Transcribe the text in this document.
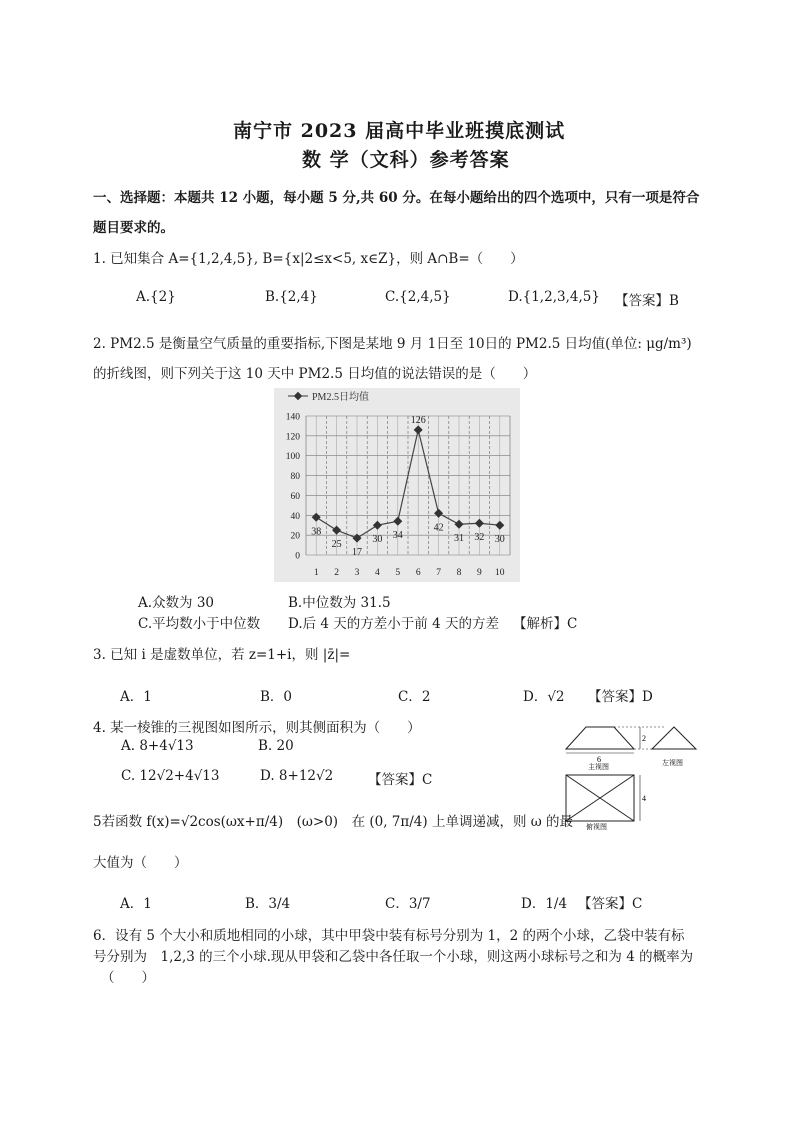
南宁市 2023 届高中毕业班摸底测试
数 学（文科）参考答案
一、选择题：本题共 12 小题，每小题 5 分,共 60 分。在每小题给出的四个选项中，只有一项是符合
题目要求的。
1. 已知集合 A={1,2,4,5}, B={x|2≤x<5, x∈Z}，则 A∩B=（　　）
A.{2}	B.{2,4}	C.{2,4,5}	D.{1,2,3,4,5} 【答案】B
2. PM2.5 是衡量空气质量的重要指标,下图是某地 9 月 1日至 10日的 PM2.5 日均值(单位: μg/m³)
的折线图，则下列关于这 10 天中 PM2.5 日均值的说法错误的是（　　）
0
20
40
60
80
100
120
140
1 2 3 4 5 6 7 8 9 10
PM2.5日均值
38
25
17
30 34
126
42
31 32 30
A.众数为 30	B.中位数为 31.5
C.平均数小于中位数 D.后 4 天的方差小于前 4 天的方差 【解析】C
3. 已知 i 是虚数单位，若 z=1+i，则 |z̄|=
A．1	B．0	C．2	D．√2 【答案】D
4. 某一棱锥的三视图如图所示，则其侧面积为（　　）
A. 8+4√13	B. 20
C. 12√2+4√13	D. 8+12√2	【答案】C
6
2
4
主视图	左视图
俯视图
5若函数 f(x)=√2cos(ωx+π/4)　(ω>0)　在 (0, 7π/4) 上单调递减，则 ω 的最
大值为（　　）
A．1	B．3/4	C．3/7	D．1/4 【答案】C
6．设有 5 个大小和质地相同的小球，其中甲袋中装有标号分别为 1，2 的两个小球，乙袋中装有标
号分别为　1,2,3 的三个小球.现从甲袋和乙袋中各任取一个小球，则这两小球标号之和为 4 的概率为
（　　）
